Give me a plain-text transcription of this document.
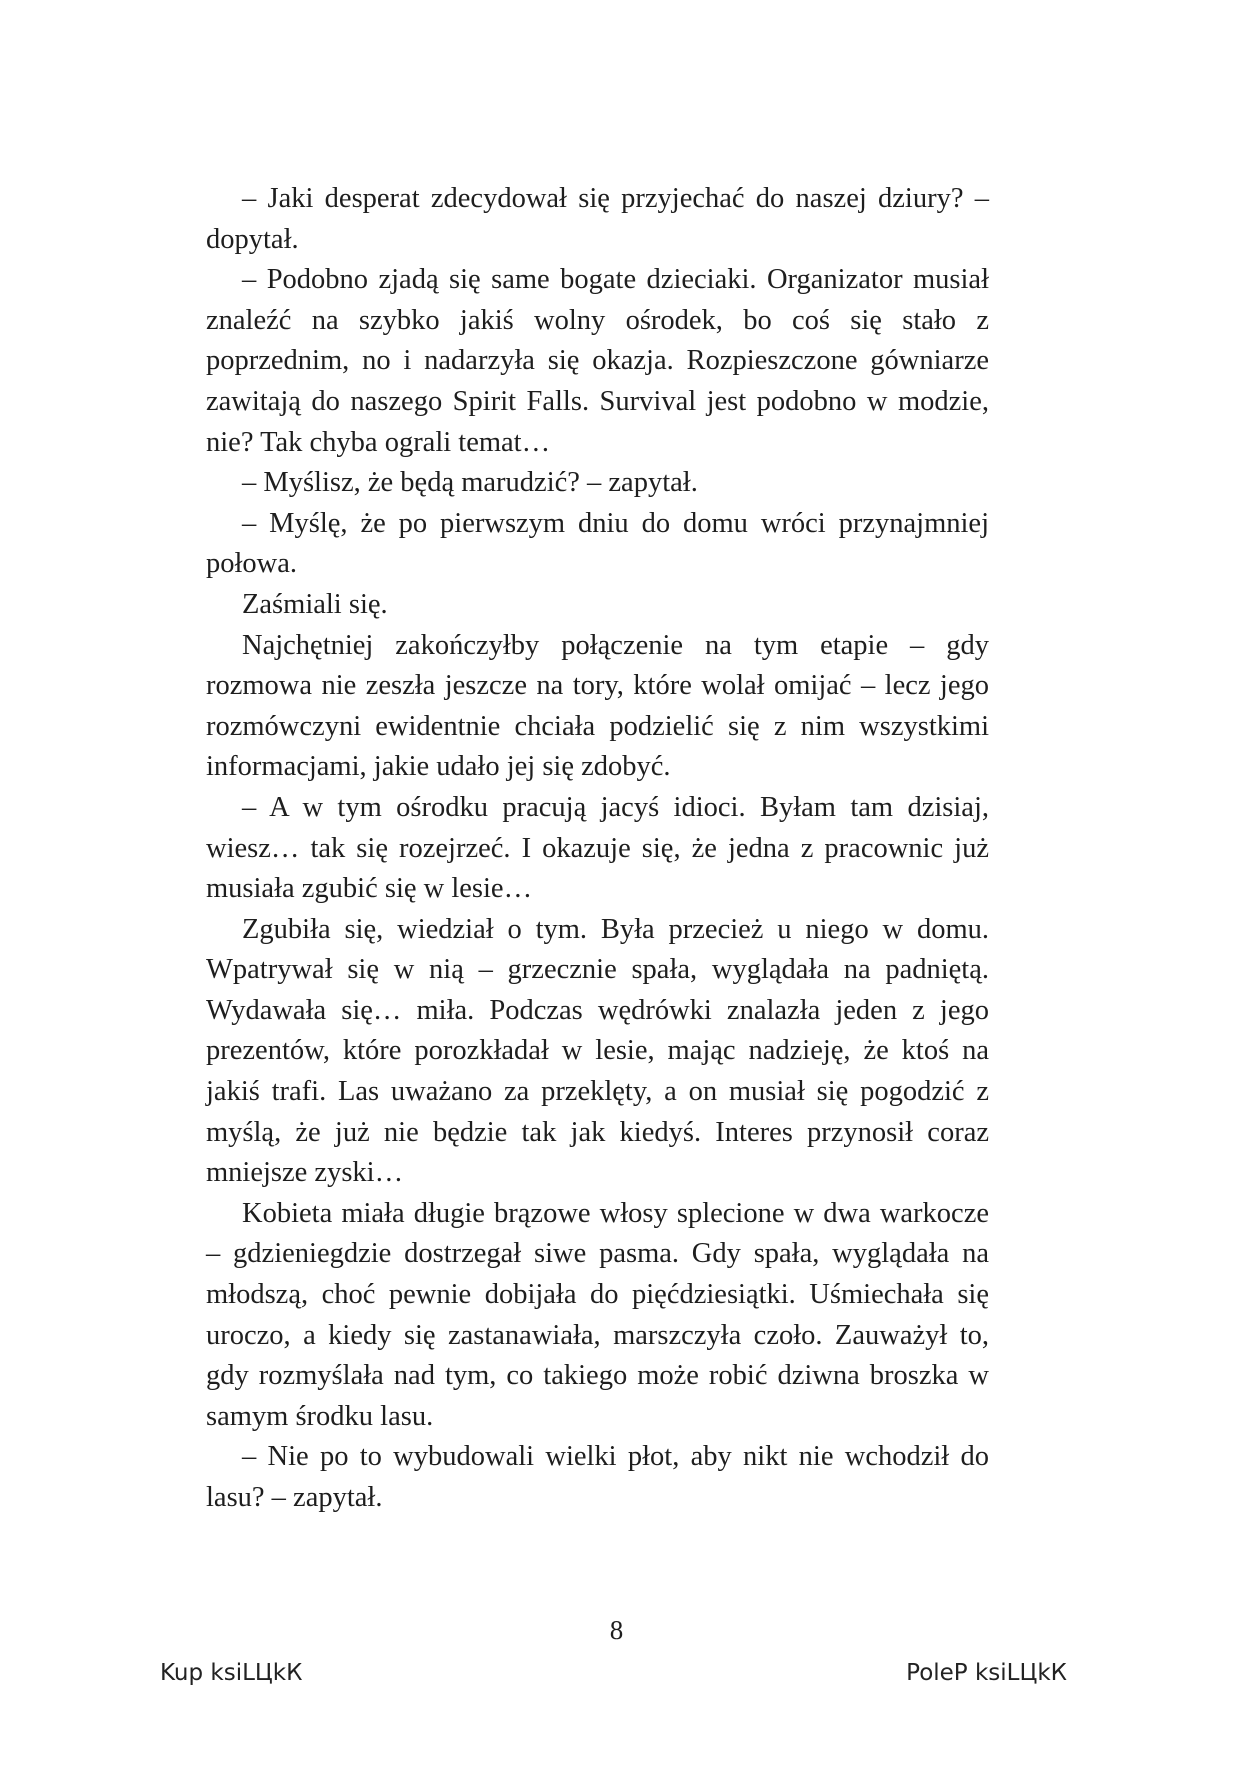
– Jaki desperat zdecydował się przyjechać do naszej dziury? – dopytał.

– Podobno zjadą się same bogate dzieciaki. Organizator musiał znaleźć na szybko jakiś wolny ośrodek, bo coś się stało z poprzednim, no i nadarzyła się okazja. Rozpieszczone gówniarze zawitają do naszego Spirit Falls. Survival jest podobno w modzie, nie? Tak chyba ograli temat…

– Myślisz, że będą marudzić? – zapytał.

– Myślę, że po pierwszym dniu do domu wróci przynajmniej połowa.

Zaśmiali się.

Najchętniej zakończyłby połączenie na tym etapie – gdy rozmowa nie zeszła jeszcze na tory, które wolał omijać – lecz jego rozmówczyni ewidentnie chciała podzielić się z nim wszystkimi informacjami, jakie udało jej się zdobyć.

– A w tym ośrodku pracują jacyś idioci. Byłam tam dzisiaj, wiesz… tak się rozejrzeć. I okazuje się, że jedna z pracownic już musiała zgubić się w lesie…

Zgubiła się, wiedział o tym. Była przecież u niego w domu. Wpatrywał się w nią – grzecznie spała, wyglądała na padniętą. Wydawała się… miła. Podczas wędrówki znalazła jeden z jego prezentów, które porozkładał w lesie, mając nadzieję, że ktoś na jakiś trafi. Las uważano za przeklęty, a on musiał się pogodzić z myślą, że już nie będzie tak jak kiedyś. Interes przynosił coraz mniejsze zyski…

Kobieta miała długie brązowe włosy splecione w dwa warkocze – gdzieniegdzie dostrzegał siwe pasma. Gdy spała, wyglądała na młodszą, choć pewnie dobijała do pięćdziesiątki. Uśmiechała się uroczo, a kiedy się zastanawiała, marszczyła czoło. Zauważył to, gdy rozmyślała nad tym, co takiego może robić dziwna broszka w samym środku lasu.

– Nie po to wybudowali wielki płot, aby nikt nie wchodził do lasu? – zapytał.

8
Kup ksiLЦkК	PoleР ksiLЦkК
